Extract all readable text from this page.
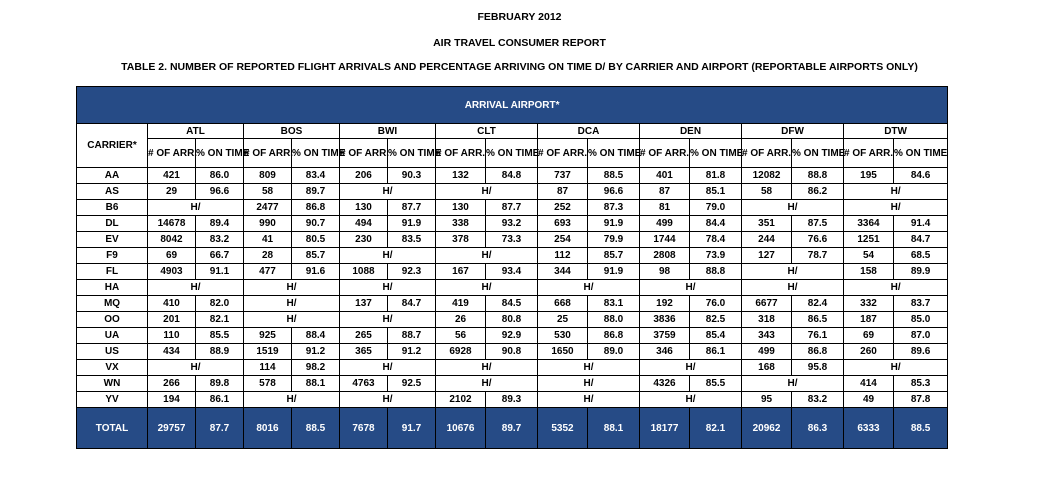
FEBRUARY 2012
AIR TRAVEL CONSUMER REPORT
TABLE 2. NUMBER OF REPORTED FLIGHT ARRIVALS AND PERCENTAGE ARRIVING ON TIME D/ BY CARRIER AND AIRPORT (REPORTABLE AIRPORTS ONLY)
ARRIVAL AIRPORT*																
CARRIER*	ATL		BOS		BWI		CLT		DCA		DEN		DFW		DTW	
	# OF ARR.	% ON TIME	# OF ARR.	% ON TIME	# OF ARR.	% ON TIME	# OF ARR.	% ON TIME	# OF ARR.	% ON TIME	# OF ARR.	% ON TIME	# OF ARR.	% ON TIME	# OF ARR.	% ON TIME
AA	421	86.0	809	83.4	206	90.3	132	84.8	737	88.5	401	81.8	12082	88.8	195	84.6
AS	29	96.6	58	89.7	H/		H/		87	96.6	87	85.1	58	86.2	H/	
B6	H/		2477	86.8	130	87.7	130	87.7	252	87.3	81	79.0	H/		H/	
DL	14678	89.4	990	90.7	494	91.9	338	93.2	693	91.9	499	84.4	351	87.5	3364	91.4
EV	8042	83.2	41	80.5	230	83.5	378	73.3	254	79.9	1744	78.4	244	76.6	1251	84.7
F9	69	66.7	28	85.7	H/		H/		112	85.7	2808	73.9	127	78.7	54	68.5
FL	4903	91.1	477	91.6	1088	92.3	167	93.4	344	91.9	98	88.8	H/		158	89.9
HA	H/		H/		H/		H/		H/		H/		H/		H/	
MQ	410	82.0	H/		137	84.7	419	84.5	668	83.1	192	76.0	6677	82.4	332	83.7
OO	201	82.1	H/		H/		26	80.8	25	88.0	3836	82.5	318	86.5	187	85.0
UA	110	85.5	925	88.4	265	88.7	56	92.9	530	86.8	3759	85.4	343	76.1	69	87.0
US	434	88.9	1519	91.2	365	91.2	6928	90.8	1650	89.0	346	86.1	499	86.8	260	89.6
VX	H/		114	98.2	H/		H/		H/		H/		168	95.8	H/	
WN	266	89.8	578	88.1	4763	92.5	H/		H/		4326	85.5	H/		414	85.3
YV	194	86.1	H/		H/		2102	89.3	H/		H/		95	83.2	49	87.8
TOTAL	29757	87.7	8016	88.5	7678	91.7	10676	89.7	5352	88.1	18177	82.1	20962	86.3	6333	88.5
